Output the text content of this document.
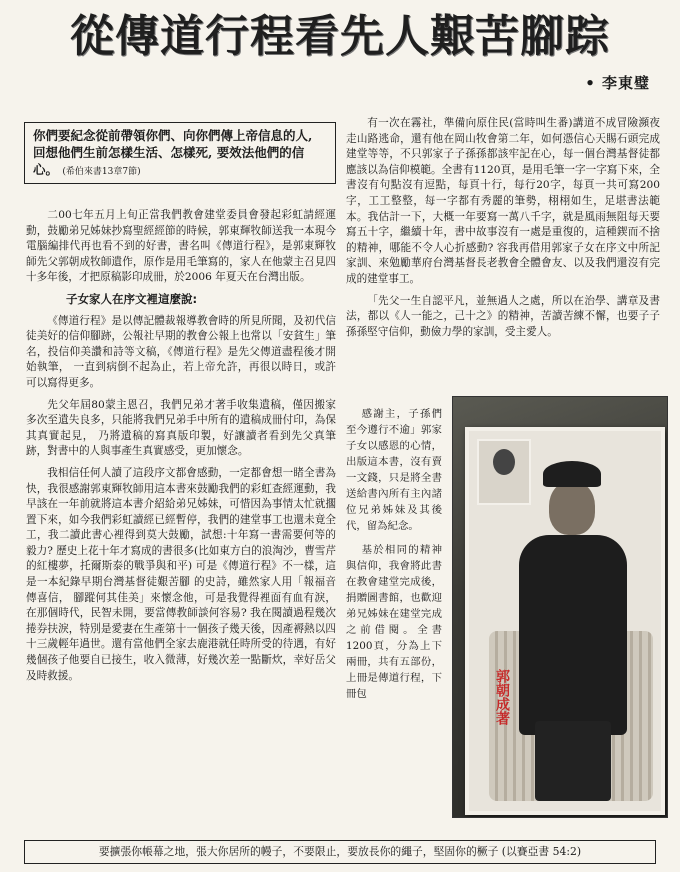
從傳道行程看先人艱苦腳踪
• 李東璧
你們要紀念從前帶領你們、向你們傳上帝信息的人, 回想他們生前怎樣生活、怎樣死, 要效法他們的信心。 (希伯來書13章7節)

二00七年五月上旬正當我們教會建堂委員會發起彩虹請經運動，鼓勵弟兄姊妹抄寫聖經經節的時候，郭東輝牧師送我一本現今電腦編排代再也看不到的好書，書名叫《傳道行程》，是郭東輝牧師先父郭朝成牧師遺作，原作是用毛筆寫的，家人在他蒙主召見四十多年後，才把原稿影印成冊，於2006 年夏天在台灣出版。

子女家人在序文裡這麼說:

《傳道行程》是以傳記體裁報導教會時的所見所聞，及初代信徒美好的信仰腳跡，公報社早期的教會公報上也常以「安貧生」筆名，投信仰美讚和詩等文稿，《傳道行程》是先父傳道盡程後才開始執筆， 一直到病倒不起為止，若上帝允許，再很以時日，或許可以寫得更多。

先父年屆80蒙主恩召，我們兄弟才著手收集遺稿，僅因搬家多次至遺失良多，只能將我們兄弟手中所有的遺稿成冊付印，為保其真實起見， 乃將遺稿的寫真版印製，好讓讀者看到先父真筆跡，對書中的人與事產生真實感受，更加懷念。

我相信任何人讀了這段序文都會感動，一定都會想一睹全書為快，我很感謝郭東輝牧師用這本書來鼓勵我們的彩虹查經運動，我早該在一年前就將這本書介紹給弟兄姊妹，可惜因為事情太忙就擱置下來，如今我們彩虹讀經已經暫停，我們的建堂事工也還未竟全工，我二讀此書心裡得到莫大鼓勵，試想:十年寫一書需要何等的毅力? 歷史上花十年才寫成的書很多(比如東方白的浪淘沙，曹雪芹的紅樓夢，托爾斯泰的戰爭與和平) 可是《傳道行程》不一樣，這是一本紀錄早期台灣基督徒艱苦腳 的史詩，雖然家人用「報福音傳喜信， 腳蹤何其佳美」來懷念他，可是我覺得裡面有血有淚，在那個時代，民智未開，要當傳教師談何容易? 我在閱讀過程幾次捲券扶淚，特別是愛妻在生產第十一個孩子幾天後，因產褥熱以四十三歲輕年過世。還有當他們全家去鹿港就任時所受的待遇，有好幾個孩子他要自已接生，收入微薄，好幾次差一點斷炊，幸好岳父及時救援。

有一次在霧社，準備向原住民(當時叫生番)講道不成冒險瀕夜走山路逃命，還有他在岡山牧會第二年，如何憑信心天賜石頭完成建堂等等，不只郭家子子孫孫都該牢記在心，每一個台灣基督徒都應該以為信仰模範。全書有1120頁，是用毛筆一字一字寫下來，全書沒有句點沒有逗點，每頁十行，每行20字，每頁一共可寫200字，工工整整，每一字都有秀麗的筆勢，栩栩如生，足堪書法範本。我估計一下，大概一年要寫一萬八千字，就是風雨無阻每天要寫五十字，繼續十年，書中故事沒有一處是重復的，這種鍥而不捨的精神，哪能不令人心折感動? 容我再借用郭家子女在序文中所記家訓、來勉勵華府台灣基督長老教會全體會友、以及我們還沒有完成的建堂事工。

「先父一生自認平凡，並無過人之處，所以在治學、講章及書法，都以《人一能之，己十之》的精神，苦讀苦練不懈，也要子子孫孫堅守信仰，動儉力學的家訓，受主愛人。

感謝主，子孫們至今遵行不逾」郭家子女以感恩的心情，出版這本書，沒有賣一文錢，只是將全書送給書內所有主內諸位兄弟姊妹及其後代，留為紀念。

基於相同的精神與信仰，我會將此書在教會建堂完成後，捐贈圖書館，也歡迎弟兄姊妹在建堂完成之前借閱。全書1200頁，分為上下兩冊，共有五部份，上冊是傳道行程，下冊包	郭朝成著
要擴張你帳幕之地，張大你居所的幔子，不要限止，要放長你的繩子，堅固你的橛子 (以賽亞書 54:2)
